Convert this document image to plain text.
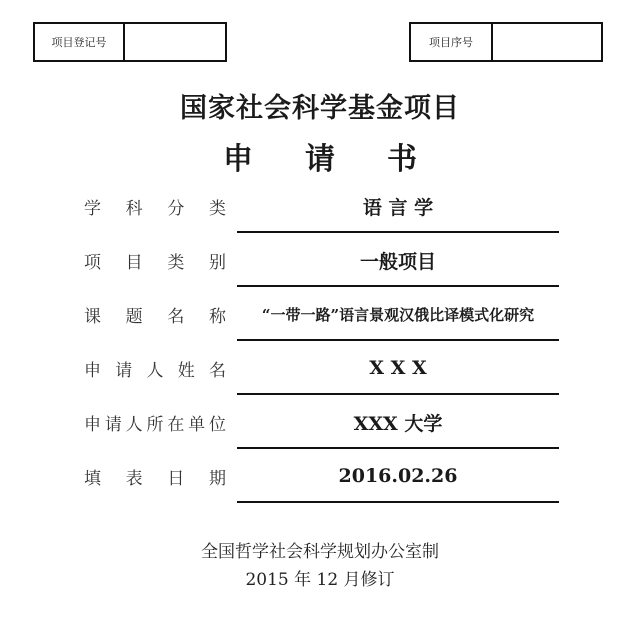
项目登记号	项目序号
国家社会科学基金项目
申请书
学 科 分 类	语 言 学
项 目 类 别	一般项目
课 题 名 称	“一带一路”语言景观汉俄比译模式化研究
申 请 人 姓 名	X X X
申 请 人 所 在 单 位	XXX 大学
填 表 日 期	2016.02.26

全国哲学社会科学规划办公室制

2015 年 12 月修订
